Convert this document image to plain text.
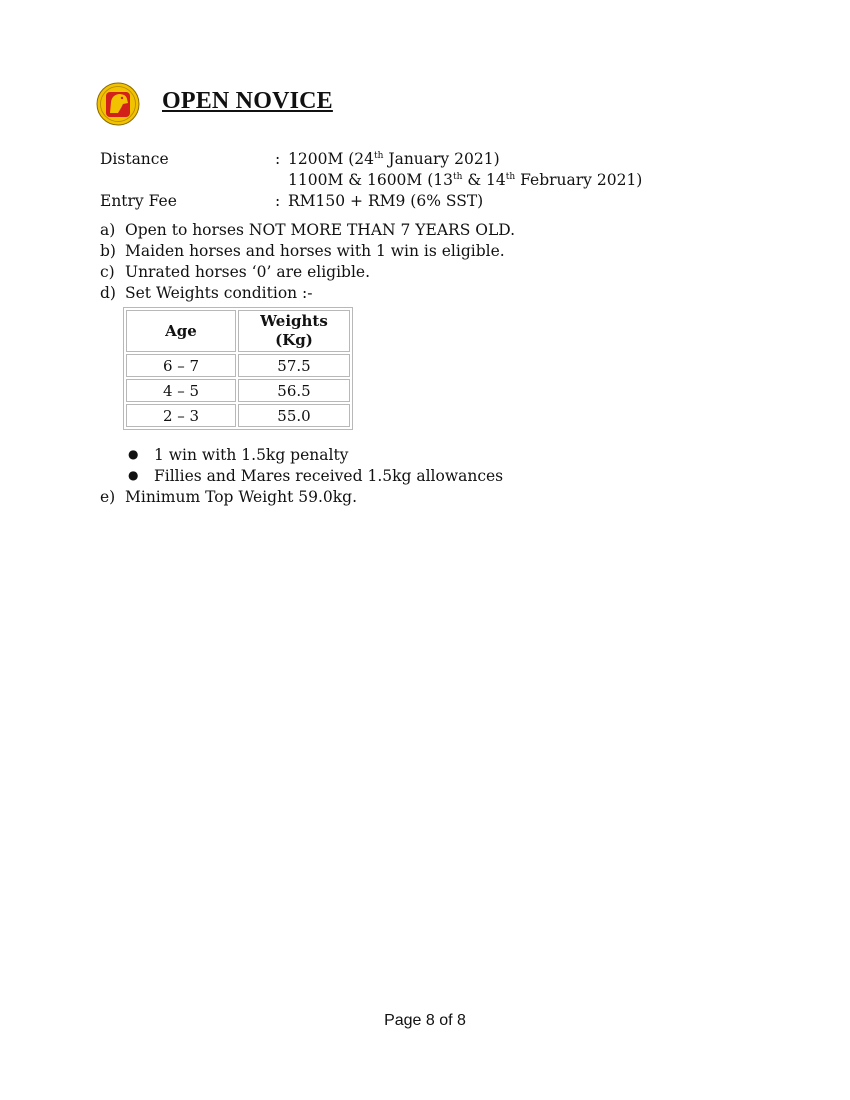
OPEN NOVICE
Distance	: 1200M (24th January 2021)
1100M & 1600M (13th & 14th February 2021)
Entry Fee	: RM150 + RM9 (6% SST)
a) Open to horses NOT MORE THAN 7 YEARS OLD.
b) Maiden horses and horses with 1 win is eligible.
c) Unrated horses ‘0’ are eligible.
d) Set Weights condition :-
Age	Weights
(Kg)
6 – 7	57.5
4 – 5	56.5
2 – 3	55.0
● 1 win with 1.5kg penalty
● Fillies and Mares received 1.5kg allowances
e) Minimum Top Weight 59.0kg.
Page 8 of 8
